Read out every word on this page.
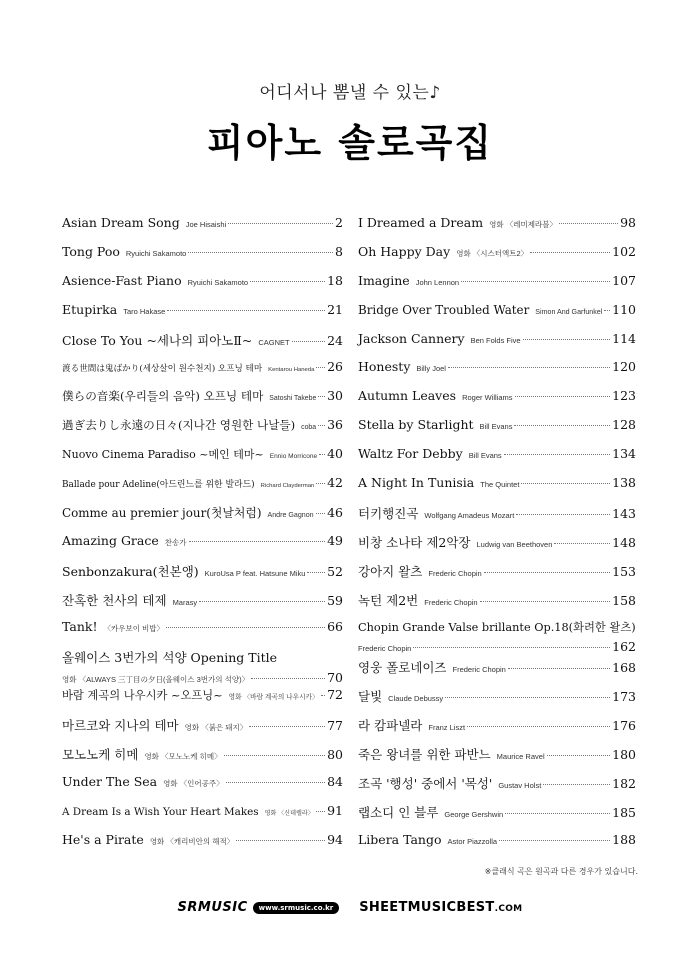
어디서나 뽐낼 수 있는♪
피아노 솔로곡집
Asian Dream Song Joe Hisaishi	2
Tong Poo Ryuichi Sakamoto	8
Asience-Fast Piano Ryuichi Sakamoto	18
Etupirka Taro Hakase	21
Close To You ~세나의 피아노Ⅱ~ CAGNET	24
渡る世間は鬼ばかり(세상살이 원수천지) 오프닝 테마 Kentarou Haneda 26
僕らの音楽(우리들의 음악) 오프닝 테마 Satoshi Takebe 30
過ぎ去りし永遠の日々(지나간 영원한 나날들) coba 36
Nuovo Cinema Paradiso ~메인 테마~ Ennio Morricone 40
Ballade pour Adeline(아드린느를 위한 발라드) Richard Clayderman 42
Comme au premier jour(첫날처럼) Andre Gagnon 46
Amazing Grace 찬송가	49
Senbonzakura(천본앵) KuroUsa P feat. Hatsune Miku 52
잔혹한 천사의 테제 Marasy	59
Tank! 〈카우보이 비밥〉	66
올웨이스 3번가의 석양 Opening Title
영화 〈ALWAYS 三丁目の夕日(올웨이스 3번가의 석양)〉	70
바람 계곡의 나우시카 ~오프닝~ 영화 〈바람 계곡의 나우시카〉 72
마르코와 지나의 테마 영화 〈붉은 돼지〉	77
모노노케 히메 영화 〈모노노케 히메〉	80
Under The Sea 영화 〈인어공주〉	84
A Dream Is a Wish Your Heart Makes 영화 〈신데렐라〉 91
He's a Pirate 영화 〈캐리비안의 해적〉	94
I Dreamed a Dream 영화 〈레미제라블〉	98
Oh Happy Day 영화 〈시스터액트2〉	102
Imagine John Lennon	107
Bridge Over Troubled Water Simon And Garfunkel 110
Jackson Cannery Ben Folds Five	114
Honesty Billy Joel	120
Autumn Leaves Roger Williams	123
Stella by Starlight Bill Evans	128
Waltz For Debby Bill Evans	134
A Night In Tunisia The Quintet	138
터키행진곡 Wolfgang Amadeus Mozart	143
비창 소나타 제2악장 Ludwig van Beethoven	148
강아지 왈츠 Frederic Chopin	153
녹턴 제2번 Frederic Chopin	158
Chopin Grande Valse brillante Op.18(화려한 왈츠)
Frederic Chopin	162
영웅 폴로네이즈 Frederic Chopin	168
달빛 Claude Debussy	173
라 캄파넬라 Franz Liszt	176
죽은 왕녀를 위한 파반느 Maurice Ravel	180
조곡 '행성' 중에서 '목성' Gustav Holst	182
랩소디 인 블루 George Gershwin	185
Libera Tango Astor Piazzolla	188
※클래식 곡은 원곡과 다른 경우가 있습니다.
SRMUSIC	www.srmusic.co.kr	SHEETMUSICBEST.COM
